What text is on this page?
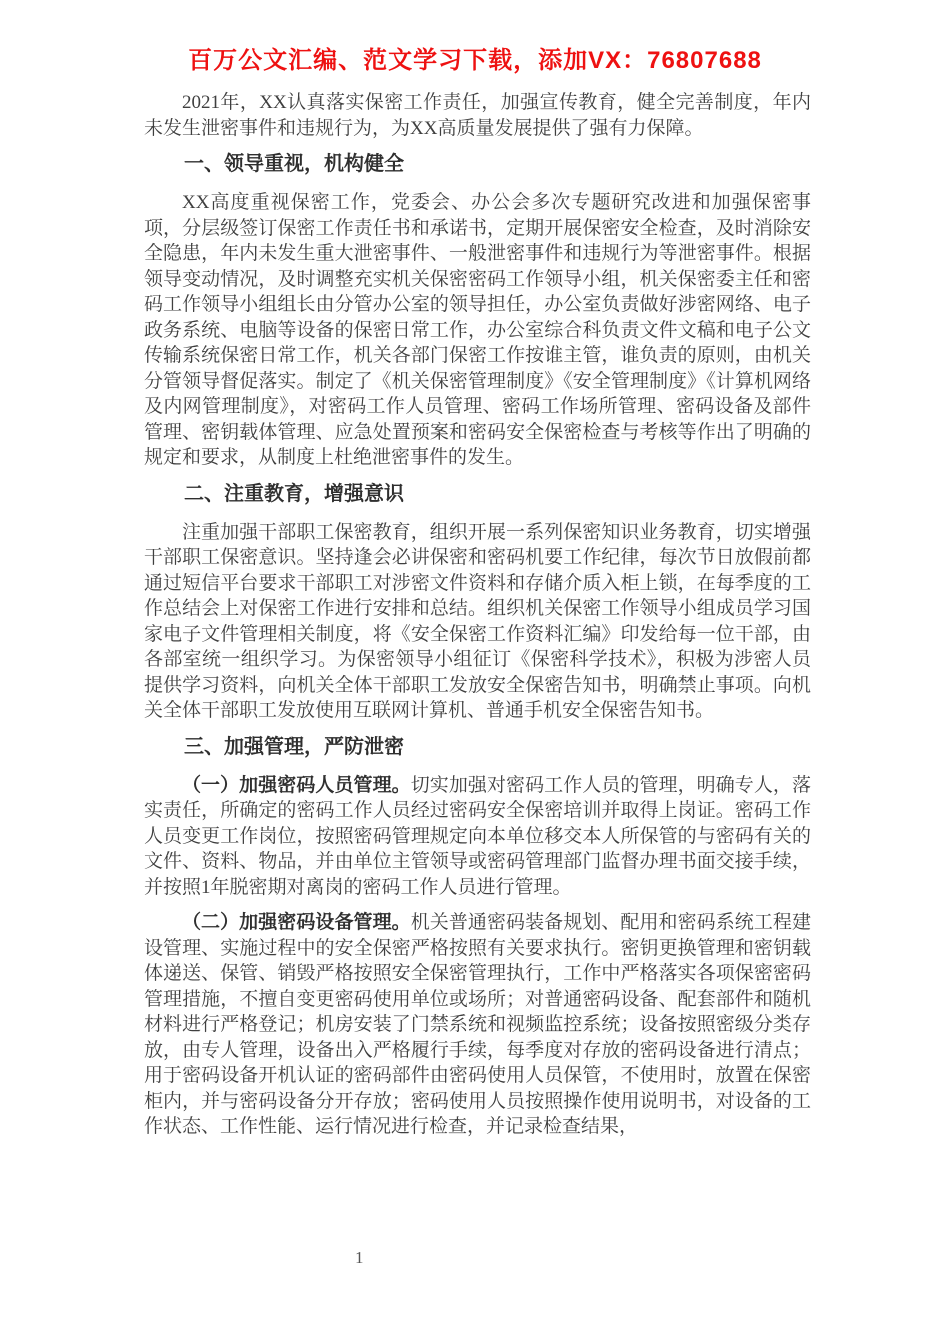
百万公文汇编、范文学习下载，添加VX：76807688

2021年，XX认真落实保密工作责任，加强宣传教育，健全完善制度，年内未发生泄密事件和违规行为，为XX高质量发展提供了强有力保障。

一、领导重视，机构健全

XX高度重视保密工作，党委会、办公会多次专题研究改进和加强保密事项，分层级签订保密工作责任书和承诺书，定期开展保密安全检查，及时消除安全隐患，年内未发生重大泄密事件、一般泄密事件和违规行为等泄密事件。根据领导变动情况，及时调整充实机关保密密码工作领导小组，机关保密委主任和密码工作领导小组组长由分管办公室的领导担任，办公室负责做好涉密网络、电子政务系统、电脑等设备的保密日常工作，办公室综合科负责文件文稿和电子公文传输系统保密日常工作，机关各部门保密工作按谁主管，谁负责的原则，由机关分管领导督促落实。制定了《机关保密管理制度》《安全管理制度》《计算机网络及内网管理制度》，对密码工作人员管理、密码工作场所管理、密码设备及部件管理、密钥载体管理、应急处置预案和密码安全保密检查与考核等作出了明确的规定和要求，从制度上杜绝泄密事件的发生。

二、注重教育，增强意识

注重加强干部职工保密教育，组织开展一系列保密知识业务教育，切实增强干部职工保密意识。坚持逢会必讲保密和密码机要工作纪律，每次节日放假前都通过短信平台要求干部职工对涉密文件资料和存储介质入柜上锁，在每季度的工作总结会上对保密工作进行安排和总结。组织机关保密工作领导小组成员学习国家电子文件管理相关制度，将《安全保密工作资料汇编》印发给每一位干部，由各部室统一组织学习。为保密领导小组征订《保密科学技术》，积极为涉密人员提供学习资料，向机关全体干部职工发放安全保密告知书，明确禁止事项。向机关全体干部职工发放使用互联网计算机、普通手机安全保密告知书。

三、加强管理，严防泄密

（一）加强密码人员管理。切实加强对密码工作人员的管理，明确专人，落实责任，所确定的密码工作人员经过密码安全保密培训并取得上岗证。密码工作人员变更工作岗位，按照密码管理规定向本单位移交本人所保管的与密码有关的文件、资料、物品，并由单位主管领导或密码管理部门监督办理书面交接手续，并按照1年脱密期对离岗的密码工作人员进行管理。

（二）加强密码设备管理。机关普通密码装备规划、配用和密码系统工程建设管理、实施过程中的安全保密严格按照有关要求执行。密钥更换管理和密钥载体递送、保管、销毁严格按照安全保密管理执行，工作中严格落实各项保密密码管理措施，不擅自变更密码使用单位或场所；对普通密码设备、配套部件和随机材料进行严格登记；机房安装了门禁系统和视频监控系统；设备按照密级分类存放，由专人管理，设备出入严格履行手续，每季度对存放的密码设备进行清点；用于密码设备开机认证的密码部件由密码使用人员保管，不使用时，放置在保密柜内，并与密码设备分开存放；密码使用人员按照操作使用说明书，对设备的工作状态、工作性能、运行情况进行检查，并记录检查结果，

1
